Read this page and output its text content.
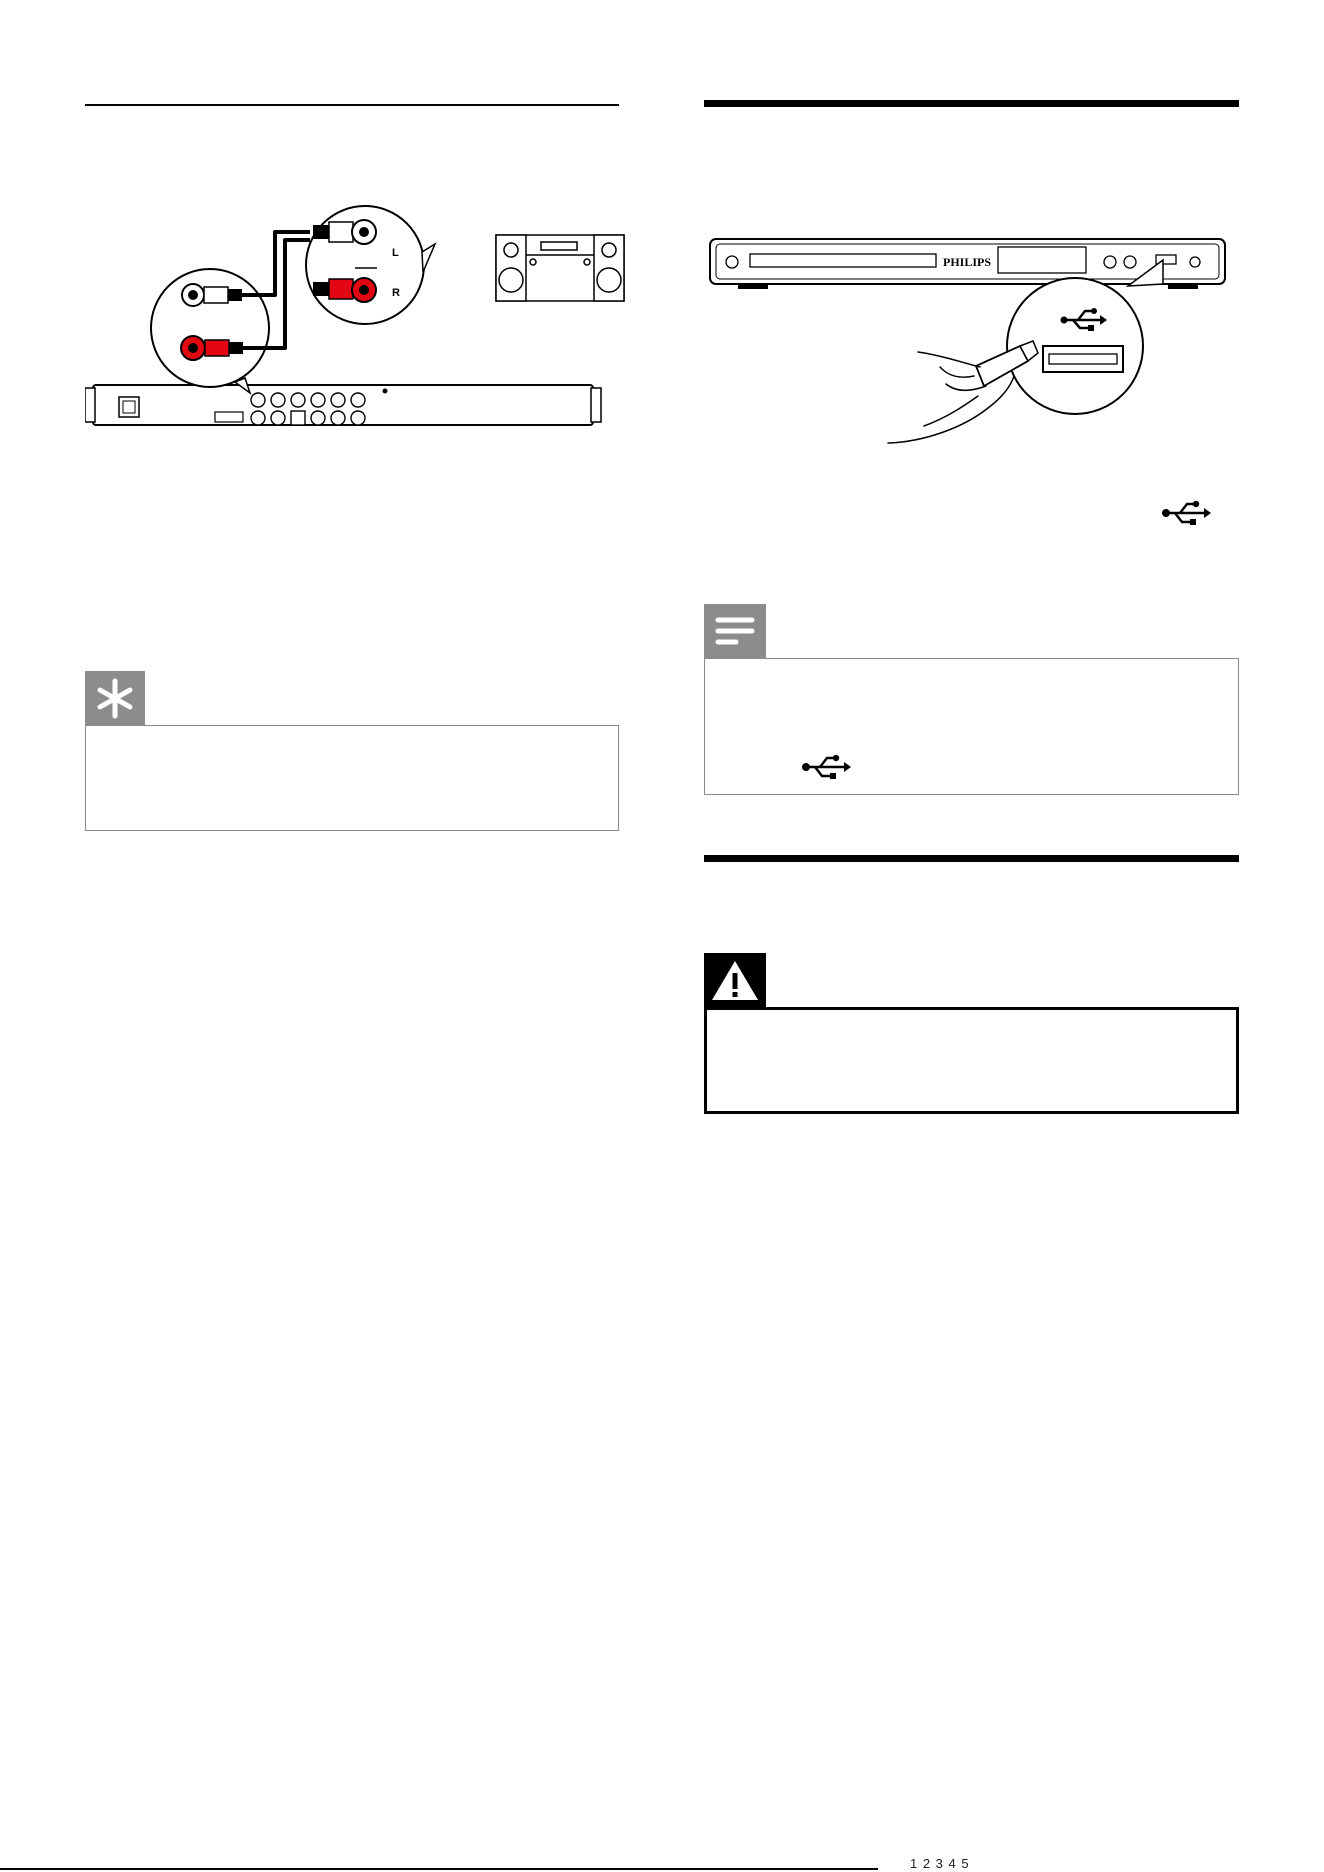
L
R
PHILIPS
1 2 3 4 5
